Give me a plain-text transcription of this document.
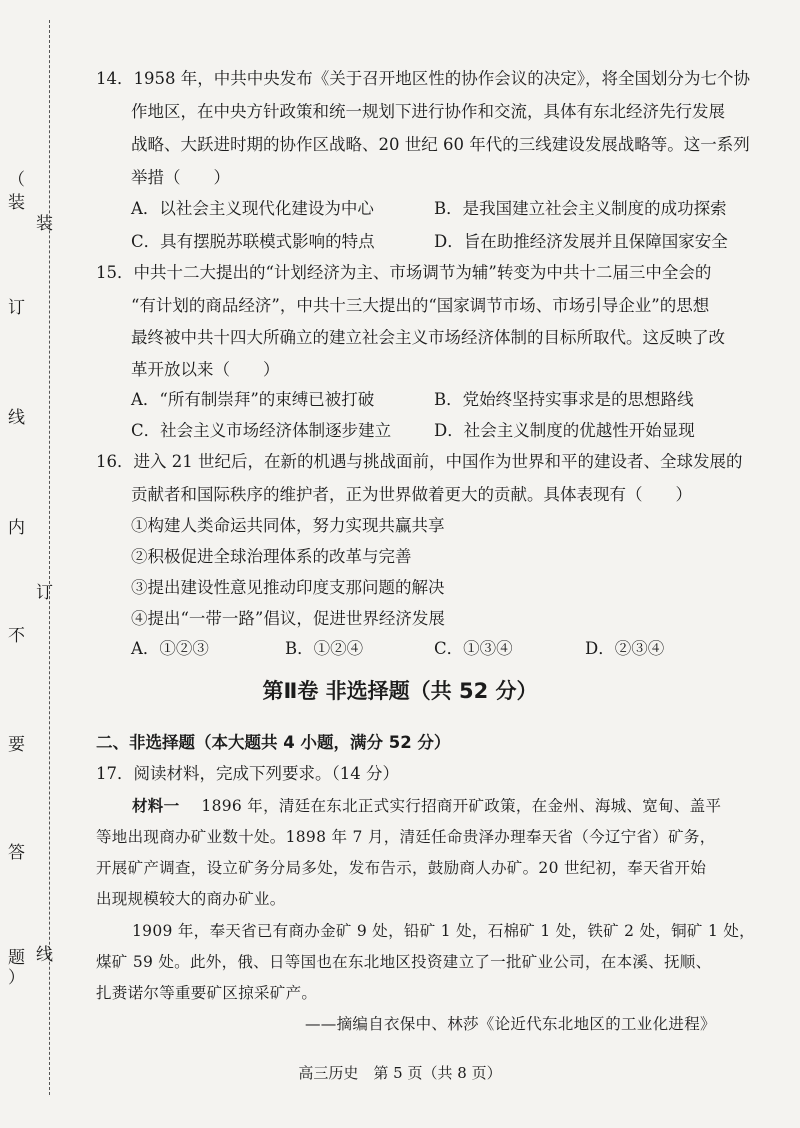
（
装
订
线
内
不
要
答
题
）
装
订
线
14．1958 年，中共中央发布《关于召开地区性的协作会议的决定》，将全国划分为七个协
作地区，在中央方针政策和统一规划下进行协作和交流，具体有东北经济先行发展
战略、大跃进时期的协作区战略、20 世纪 60 年代的三线建设发展战略等。这一系列
举措（　　）
A．以社会主义现代化建设为中心	B．是我国建立社会主义制度的成功探索
C．具有摆脱苏联模式影响的特点	D．旨在助推经济发展并且保障国家安全
15．中共十二大提出的“计划经济为主、市场调节为辅”转变为中共十二届三中全会的
“有计划的商品经济”，中共十三大提出的“国家调节市场、市场引导企业”的思想
最终被中共十四大所确立的建立社会主义市场经济体制的目标所取代。这反映了改
革开放以来（　　）
A．“所有制崇拜”的束缚已被打破	B．党始终坚持实事求是的思想路线
C．社会主义市场经济体制逐步建立	D．社会主义制度的优越性开始显现
16．进入 21 世纪后，在新的机遇与挑战面前，中国作为世界和平的建设者、全球发展的
贡献者和国际秩序的维护者，正为世界做着更大的贡献。具体表现有（　　）
①构建人类命运共同体，努力实现共赢共享
②积极促进全球治理体系的改革与完善
③提出建设性意见推动印度支那问题的解决
④提出“一带一路”倡议，促进世界经济发展
A．①②③	B．①②④	C．①③④	D．②③④
第Ⅱ卷 非选择题（共 52 分）
二、非选择题（本大题共 4 小题，满分 52 分）
17．阅读材料，完成下列要求。（14 分）
材料一 1896 年，清廷在东北正式实行招商开矿政策，在金州、海城、宽甸、盖平
等地出现商办矿业数十处。1898 年 7 月，清廷任命贵泽办理奉天省（今辽宁省）矿务，
开展矿产调查，设立矿务分局多处，发布告示，鼓励商人办矿。20 世纪初，奉天省开始
出现规模较大的商办矿业。
1909 年，奉天省已有商办金矿 9 处，铅矿 1 处，石棉矿 1 处，铁矿 2 处，铜矿 1 处，
煤矿 59 处。此外，俄、日等国也在东北地区投资建立了一批矿业公司，在本溪、抚顺、
扎赉诺尔等重要矿区掠采矿产。
——摘编自衣保中、林莎《论近代东北地区的工业化进程》
高三历史　第 5 页（共 8 页）
